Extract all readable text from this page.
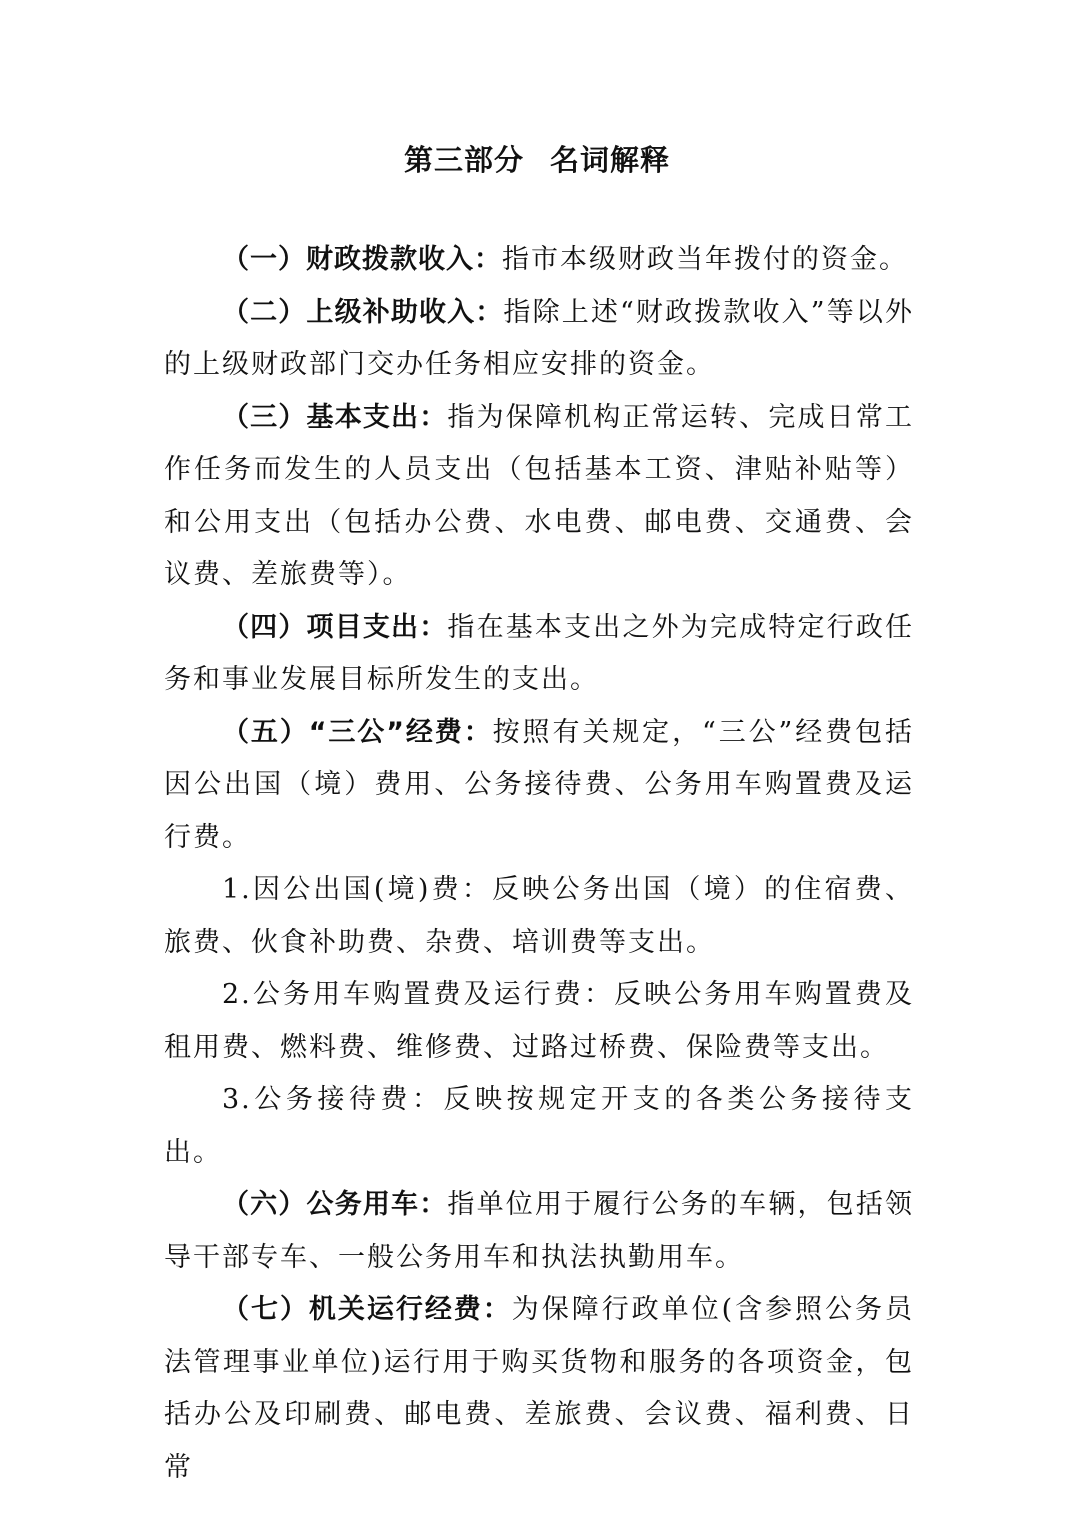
第三部分 名词解释

（一）财政拨款收入：指市本级财政当年拨付的资金。

（二）上级补助收入：指除上述“财政拨款收入”等以外的上级财政部门交办任务相应安排的资金。

（三）基本支出：指为保障机构正常运转、完成日常工作任务而发生的人员支出（包括基本工资、津贴补贴等）和公用支出（包括办公费、水电费、邮电费、交通费、会议费、差旅费等）。

（四）项目支出：指在基本支出之外为完成特定行政任务和事业发展目标所发生的支出。

（五）“三公”经费：按照有关规定，“三公”经费包括因公出国（境）费用、公务接待费、公务用车购置费及运行费。

1.因公出国(境)费：反映公务出国（境）的住宿费、旅费、伙食补助费、杂费、培训费等支出。

2.公务用车购置费及运行费：反映公务用车购置费及租用费、燃料费、维修费、过路过桥费、保险费等支出。

3.公务接待费：反映按规定开支的各类公务接待支出。

（六）公务用车：指单位用于履行公务的车辆，包括领导干部专车、一般公务用车和执法执勤用车。

（七）机关运行经费：为保障行政单位(含参照公务员法管理事业单位)运行用于购买货物和服务的各项资金，包括办公及印刷费、邮电费、差旅费、会议费、福利费、日常
